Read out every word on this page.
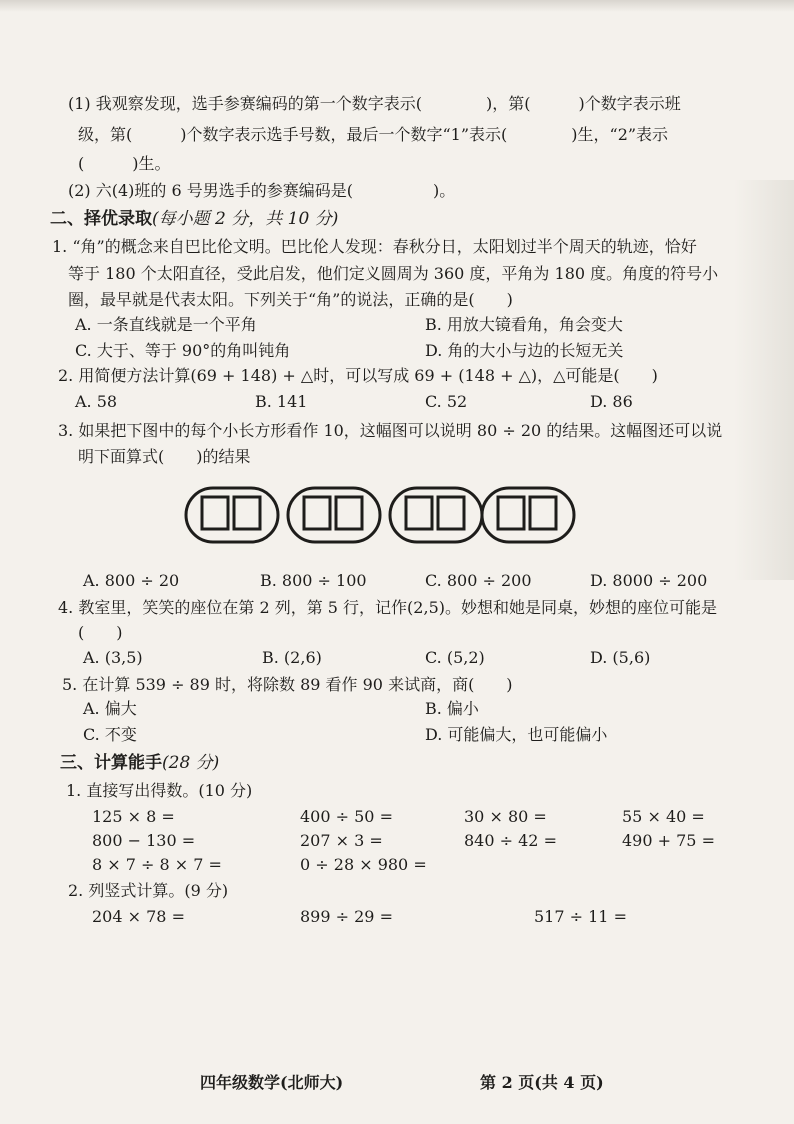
(1) 我观察发现，选手参赛编码的第一个数字表示(　　　　)，第(　　　)个数字表示班
级，第(　　　)个数字表示选手号数，最后一个数字“1”表示(　　　　)生，“2”表示
(　　　)生。
(2) 六(4)班的 6 号男选手的参赛编码是(　　　　　)。
二、择优录取(每小题 2 分，共 10 分)
1. “角”的概念来自巴比伦文明。巴比伦人发现：春秋分日，太阳划过半个周天的轨迹，恰好
等于 180 个太阳直径，受此启发，他们定义圆周为 360 度，平角为 180 度。角度的符号小
圈，最早就是代表太阳。下列关于“角”的说法，正确的是(　　)
A. 一条直线就是一个平角	B. 用放大镜看角，角会变大
C. 大于、等于 90°的角叫钝角	D. 角的大小与边的长短无关
2. 用简便方法计算(69 + 148) + △时，可以写成 69 + (148 + △)，△可能是(　　)
A. 58	B. 141	C. 52	D. 86
3. 如果把下图中的每个小长方形看作 10，这幅图可以说明 80 ÷ 20 的结果。这幅图还可以说
明下面算式(　　)的结果
A. 800 ÷ 20	B. 800 ÷ 100	C. 800 ÷ 200	D. 8000 ÷ 200
4. 教室里，笑笑的座位在第 2 列，第 5 行，记作(2,5)。妙想和她是同桌，妙想的座位可能是
(　　)
A. (3,5)	B. (2,6)	C. (5,2)	D. (5,6)
5. 在计算 539 ÷ 89 时，将除数 89 看作 90 来试商，商(　　)
A. 偏大	B. 偏小
C. 不变	D. 可能偏大，也可能偏小
三、计算能手(28 分)
1. 直接写出得数。(10 分)
125 × 8 =	400 ÷ 50 =	30 × 80 =	55 × 40 =
800 − 130 =	207 × 3 =	840 ÷ 42 =	490 + 75 =
8 × 7 ÷ 8 × 7 =	0 ÷ 28 × 980 =
2. 列竖式计算。(9 分)
204 × 78 =	899 ÷ 29 =	517 ÷ 11 =
四年级数学(北师大)	第 2 页(共 4 页)
